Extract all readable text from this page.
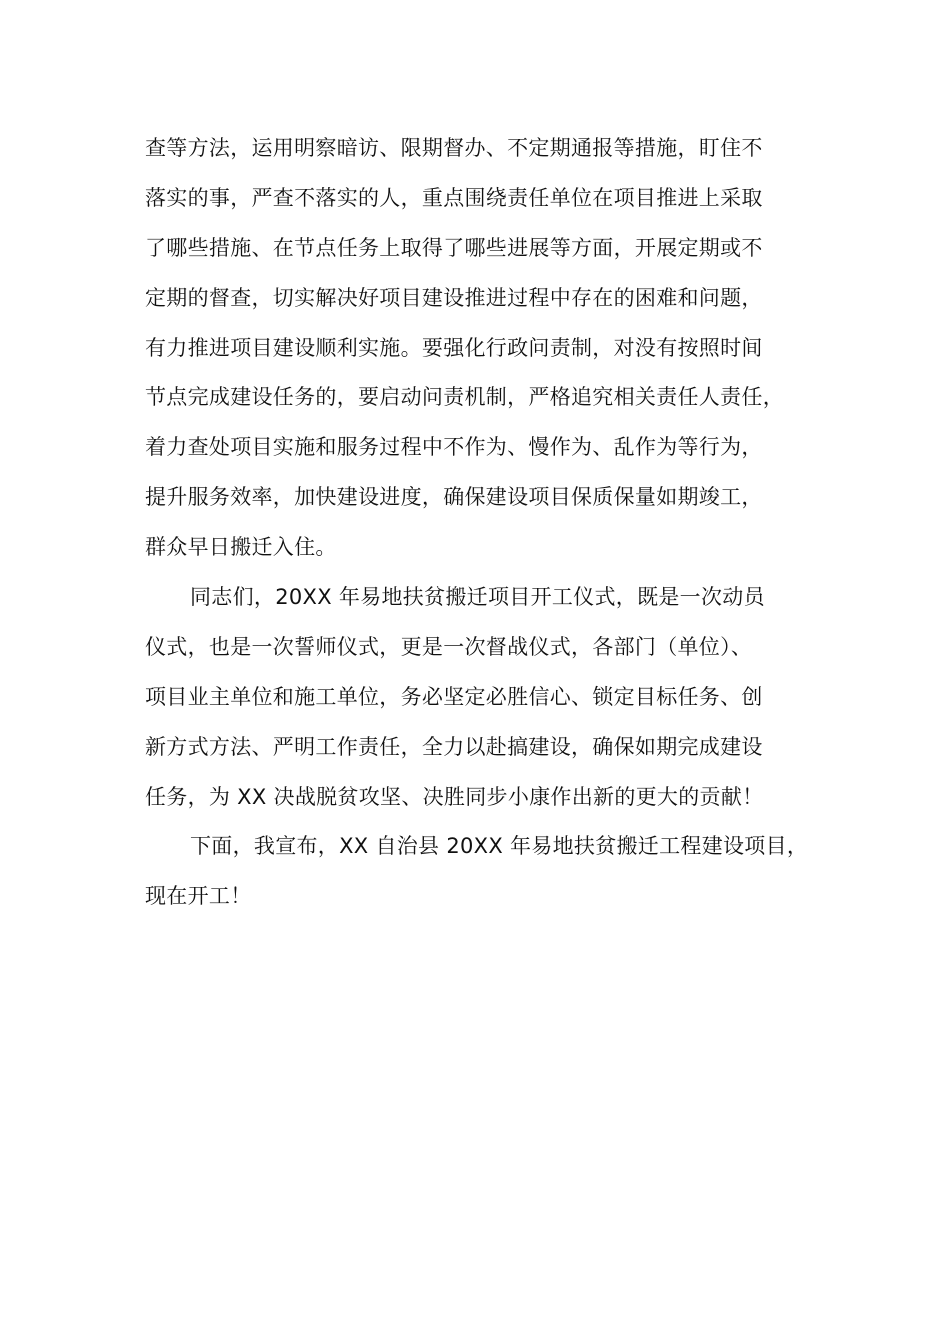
查等方法，运用明察暗访、限期督办、不定期通报等措施，盯住不
落实的事，严查不落实的人，重点围绕责任单位在项目推进上采取
了哪些措施、在节点任务上取得了哪些进展等方面，开展定期或不
定期的督查，切实解决好项目建设推进过程中存在的困难和问题，
有力推进项目建设顺利实施。要强化行政问责制，对没有按照时间
节点完成建设任务的，要启动问责机制，严格追究相关责任人责任，
着力查处项目实施和服务过程中不作为、慢作为、乱作为等行为，
提升服务效率，加快建设进度，确保建设项目保质保量如期竣工，
群众早日搬迁入住。
同志们，20XX 年易地扶贫搬迁项目开工仪式，既是一次动员
仪式，也是一次誓师仪式，更是一次督战仪式，各部门（单位）、
项目业主单位和施工单位，务必坚定必胜信心、锁定目标任务、创
新方式方法、严明工作责任，全力以赴搞建设，确保如期完成建设
任务，为 XX 决战脱贫攻坚、决胜同步小康作出新的更大的贡献！
下面，我宣布，XX 自治县 20XX 年易地扶贫搬迁工程建设项目，
现在开工！
